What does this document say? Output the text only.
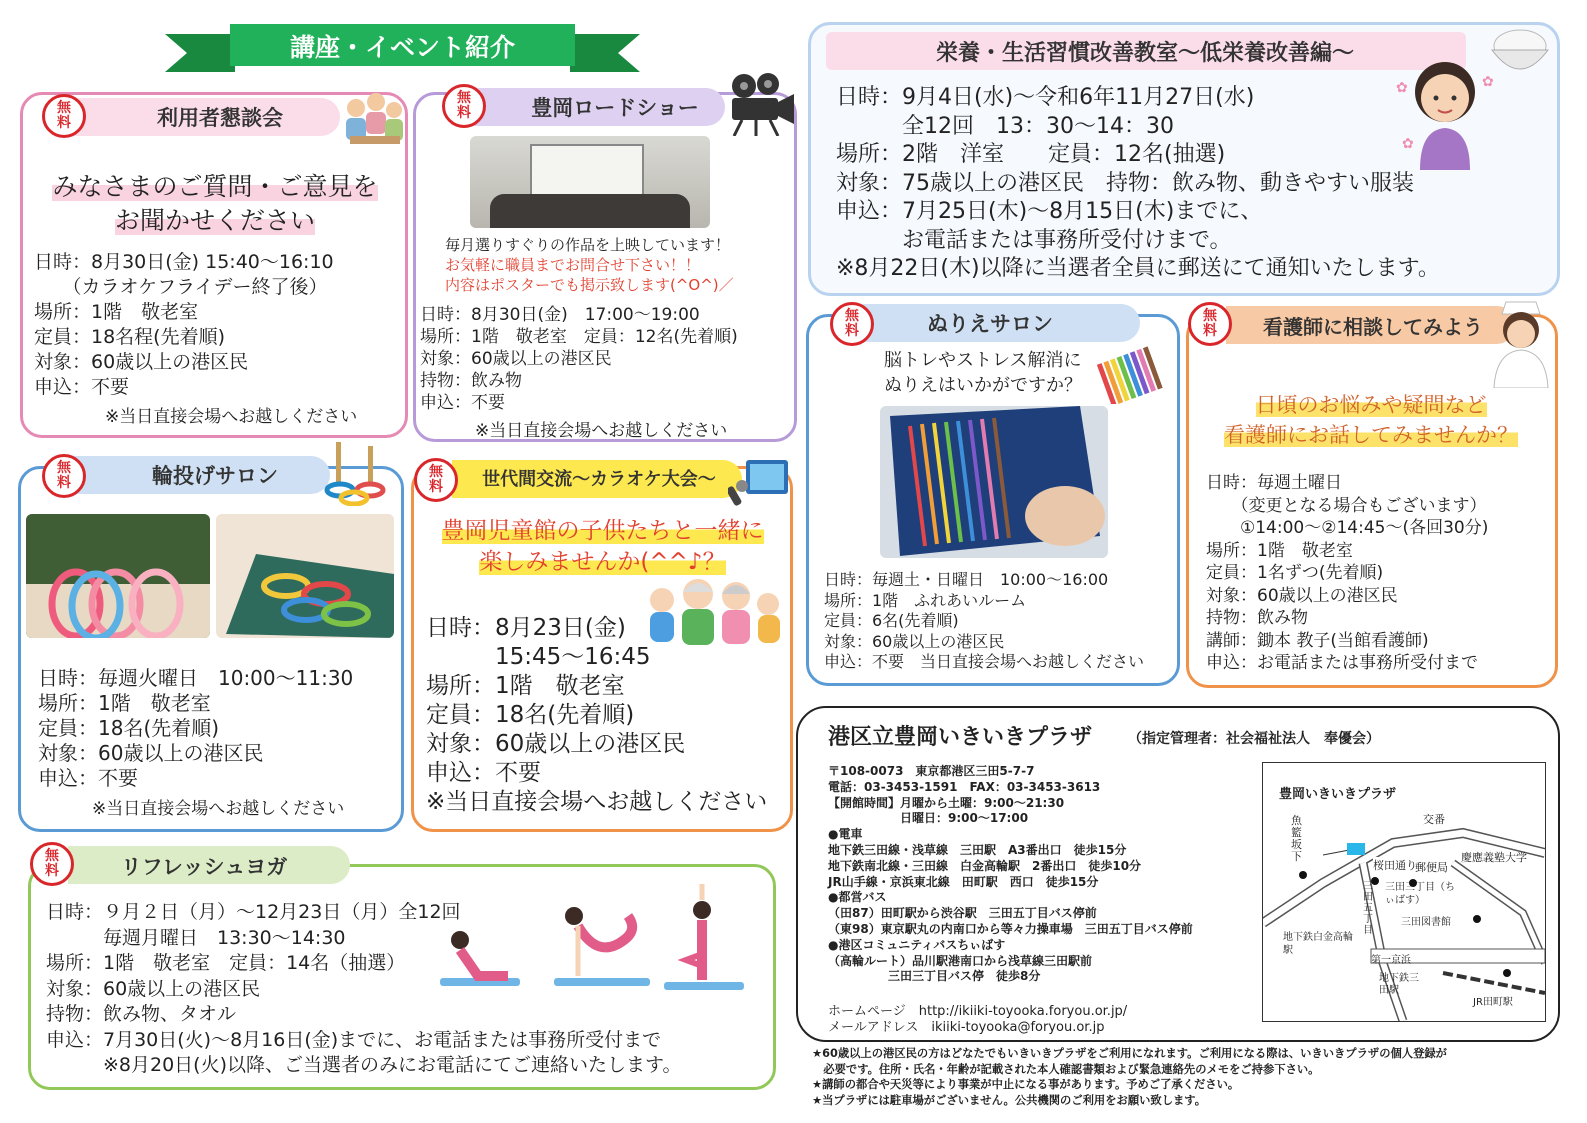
講座・イベント紹介
利用者懇談会
無
料
みなさまのご質問・ご意見を
お聞かせください
日時：8月30日(金) 15:40～16:10
　　（カラオケフライデー終了後）
場所：1階　敬老室
定員：18名程(先着順)
対象：60歳以上の港区民
申込：不要
※当日直接会場へお越しください
豊岡ロードショー
無
料
毎月選りすぐりの作品を上映しています！
お気軽に職員までお問合せ下さい！！
内容はポスターでも掲示致します(^O^)／
日時：8月30日(金)　17:00～19:00
場所：1階　敬老室　定員：12名(先着順)
対象：60歳以上の港区民
持物：飲み物
申込：不要
※当日直接会場へお越しください
栄養・生活習慣改善教室～低栄養改善編～
✿	✿
✿
日時：9月4日(水)～令和6年11月27日(水)
　　　全12回　13：30～14：30
場所：2階　洋室　　定員：12名(抽選)
対象：75歳以上の港区民　持物：飲み物、動きやすい服装
申込：7月25日(木)～8月15日(木)までに、
　　　お電話または事務所受付けまで。
※8月22日(木)以降に当選者全員に郵送にて通知いたします。
輪投げサロン
無
料
日時：毎週火曜日　10:00～11:30
場所：1階　敬老室
定員：18名(先着順)
対象：60歳以上の港区民
申込：不要
※当日直接会場へお越しください
世代間交流～カラオケ大会～
無
料
豊岡児童館の子供たちと一緒に
楽しみませんか(^^♪？
日時：8月23日(金)
　　　15:45～16:45
場所：1階　敬老室
定員：18名(先着順)
対象：60歳以上の港区民
申込：不要
※当日直接会場へお越しください
ぬりえサロン
無
料
脳トレやストレス解消に
ぬりえはいかがですか？
日時：毎週土・日曜日　10:00～16:00
場所：1階　ふれあいルーム
定員：6名(先着順)
対象：60歳以上の港区民
申込：不要　当日直接会場へお越しください
看護師に相談してみよう
無
料
日頃のお悩みや疑問など
看護師にお話してみませんか？
日時：毎週土曜日
　　（変更となる場合もございます）
　　①14:00～②14:45～(各回30分)
場所：1階　敬老室
定員：1名ずつ(先着順)
対象：60歳以上の港区民
持物：飲み物
講師：鋤本 教子(当館看護師)
申込：お電話または事務所受付まで
リフレッシュヨガ
無
料
日時：９月２日（月）～12月23日（月）全12回
　　　毎週月曜日　13:30～14:30
場所：1階　敬老室　定員：14名（抽選）
対象：60歳以上の港区民
持物：飲み物、タオル
申込：7月30日(火)～8月16日(金)までに、お電話または事務所受付まで
　　　※8月20日(火)以降、ご当選者のみにお電話にてご連絡いたします。
港区立豊岡いきいきプラザ	（指定管理者：社会福祉法人　奉優会）
〒108-0073　東京都港区三田5-7-7
電話：03-3453-1591　FAX：03-3453-3613
【開館時間】月曜から土曜：9:00～21:30
　　　　　　日曜日：9:00～17:00
●電車
地下鉄三田線・浅草線　三田駅　A3番出口　徒歩15分
地下鉄南北線・三田線　白金高輪駅　2番出口　徒歩10分
JR山手線・京浜東北線　田町駅　西口　徒歩15分
●都営バス
（田87）田町駅から渋谷駅　三田五丁目バス停前
（東98）東京駅丸の内南口から等々力操車場　三田五丁目バス停前
●港区コミュニティバスちぃばす
（高輪ルート）品川駅港南口から浅草線三田駅前
　　　　　三田三丁目バス停　徒歩8分
ホームページ　http://ikiiki-toyooka.foryou.or.jp/
メールアドレス　ikiiki-toyooka@foryou.or.jp
豊岡いきいきプラザ
交番
魚籃坂下
桜田通り
慶應義塾大学
郵便局
三田三丁目（ちぃばす）
三田五丁目
三田図書館
地下鉄白金高輪駅
第一京浜
地下鉄三田駅
JR田町駅
★60歳以上の港区民の方はどなたでもいきいきプラザをご利用になれます。ご利用になる際は、いきいきプラザの個人登録が
　必要です。住所・氏名・年齢が記載された本人確認書類および緊急連絡先のメモをご持参下さい。
★講師の都合や天災等により事業が中止になる事があります。予めご了承ください。
★当プラザには駐車場がございません。公共機関のご利用をお願い致します。
